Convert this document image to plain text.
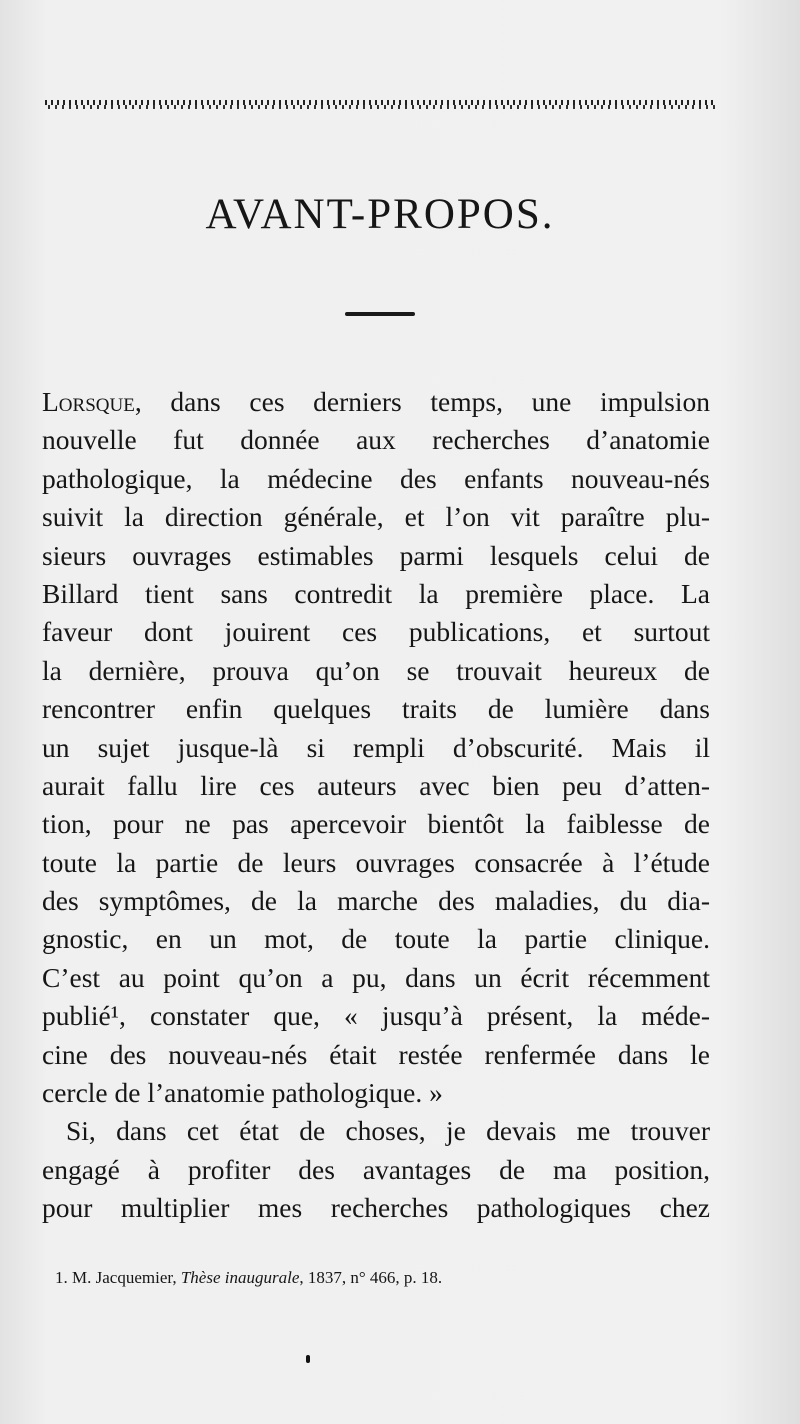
AVANT-PROPOS.
Lorsque, dans ces derniers temps, une impulsion
nouvelle fut donnée aux recherches d’anatomie
pathologique, la médecine des enfants nouveau-nés
suivit la direction générale, et l’on vit paraître plu-
sieurs ouvrages estimables parmi lesquels celui de
Billard tient sans contredit la première place. La
faveur dont jouirent ces publications, et surtout
la dernière, prouva qu’on se trouvait heureux de
rencontrer enfin quelques traits de lumière dans
un sujet jusque-là si rempli d’obscurité. Mais il
aurait fallu lire ces auteurs avec bien peu d’atten-
tion, pour ne pas apercevoir bientôt la faiblesse de
toute la partie de leurs ouvrages consacrée à l’étude
des symptômes, de la marche des maladies, du dia-
gnostic, en un mot, de toute la partie clinique.
C’est au point qu’on a pu, dans un écrit récemment
publié¹, constater que, « jusqu’à présent, la méde-
cine des nouveau-nés était restée renfermée dans le
cercle de l’anatomie pathologique. »
Si, dans cet état de choses, je devais me trouver
engagé à profiter des avantages de ma position,
pour multiplier mes recherches pathologiques chez
1. M. Jacquemier, Thèse inaugurale, 1837, n° 466, p. 18.
